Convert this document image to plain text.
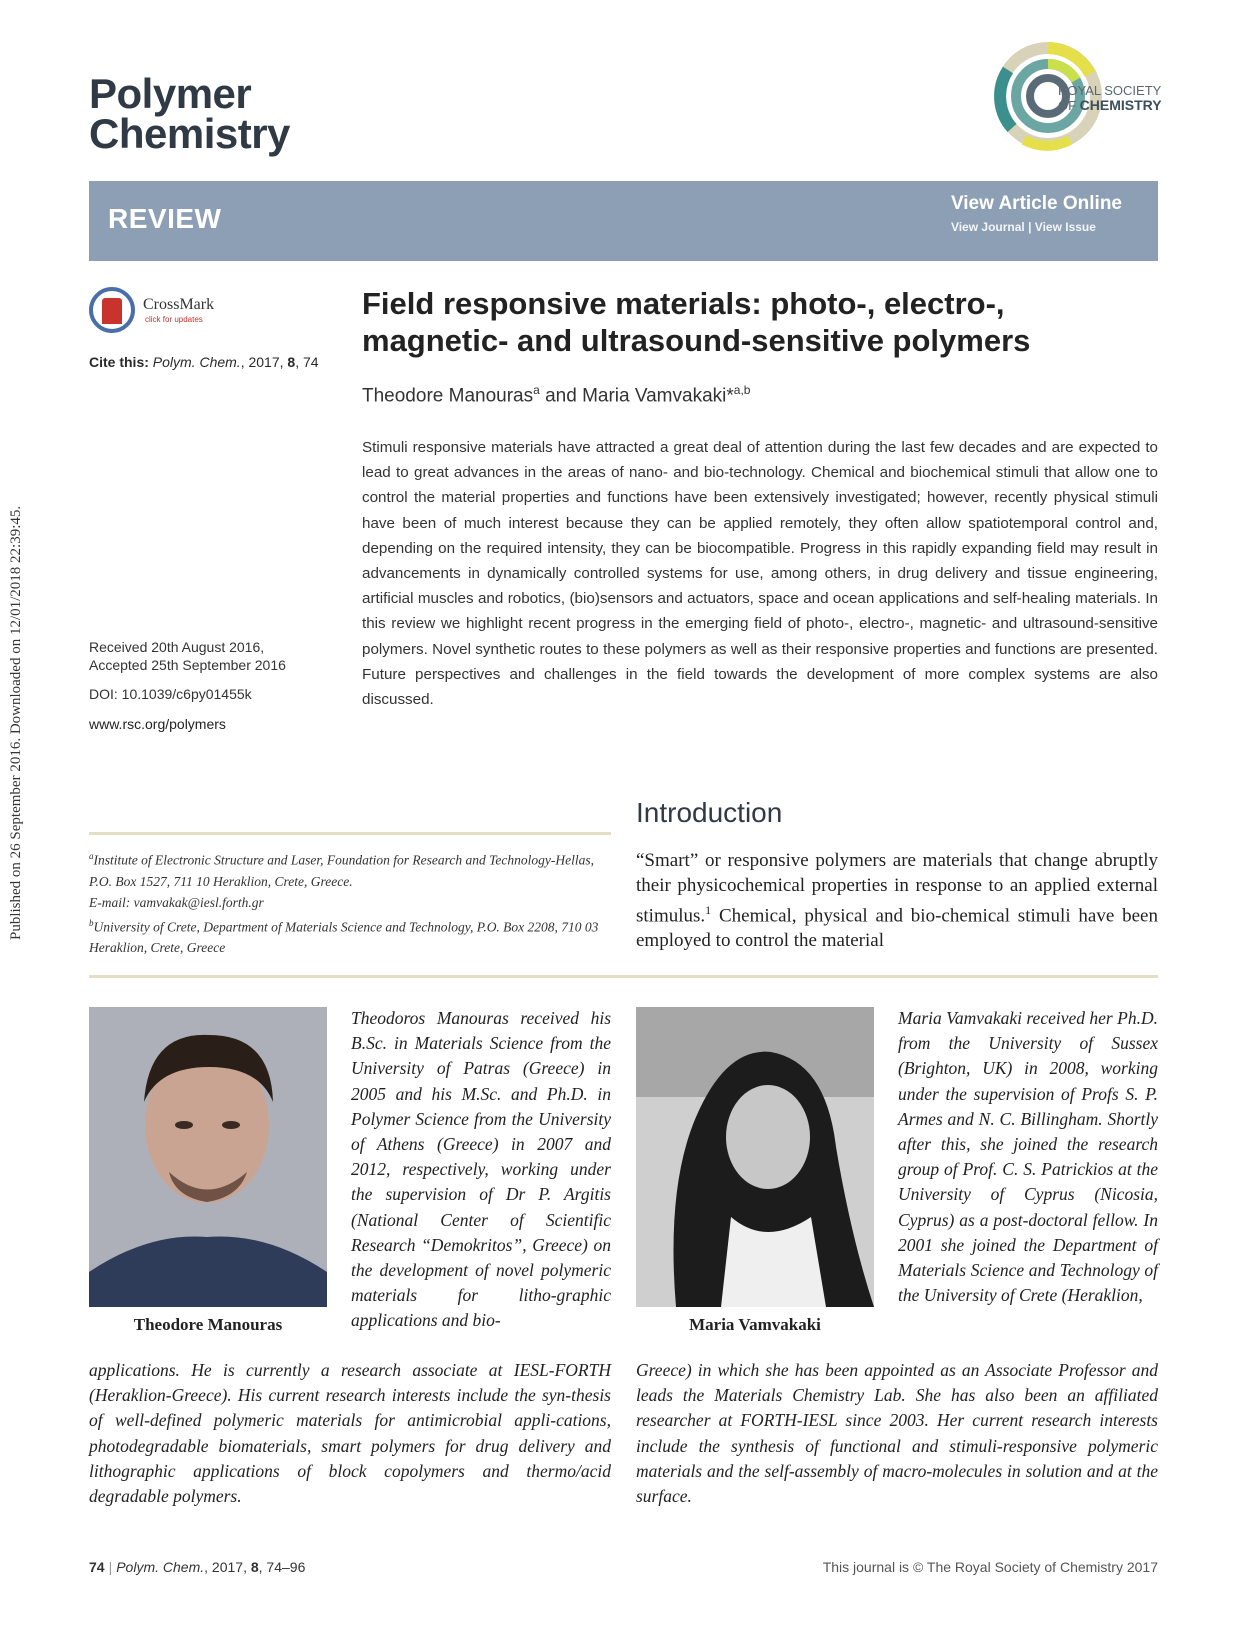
Published on 26 September 2016. Downloaded on 12/01/2018 22:39:45.
Polymer
Chemistry
ROYAL SOCIETY
OF CHEMISTRY
REVIEW	View Article Online
View Journal | View Issue
CrossMark
click for updates
Cite this: Polym. Chem., 2017, 8, 74
Field responsive materials: photo-, electro-, magnetic- and ultrasound-sensitive polymers
Theodore Manouras$^a$ and Maria Vamvakaki*$^{a,b}$
Stimuli responsive materials have attracted a great deal of attention during the last few decades and are expected to lead to great advances in the areas of nano- and bio-technology. Chemical and biochemical stimuli that allow one to control the material properties and functions have been extensively investigated; however, recently physical stimuli have been of much interest because they can be applied remotely, they often allow spatiotemporal control and, depending on the required intensity, they can be biocompatible. Progress in this rapidly expanding field may result in advancements in dynamically controlled systems for use, among others, in drug delivery and tissue engineering, artificial muscles and robotics, (bio)sensors and actuators, space and ocean applications and self-healing materials. In this review we highlight recent progress in the emerging field of photo-, electro-, magnetic- and ultrasound-sensitive polymers. Novel synthetic routes to these polymers as well as their responsive properties and functions are presented. Future perspectives and challenges in the field towards the development of more complex systems are also discussed.
Received 20th August 2016,
Accepted 25th September 2016
DOI: 10.1039/c6py01455k
www.rsc.org/polymers
Introduction
“Smart” or responsive polymers are materials that change abruptly their physicochemical properties in response to an applied external stimulus.$^1$ Chemical, physical and bio-chemical stimuli have been employed to control the material
$^a$Institute of Electronic Structure and Laser, Foundation for Research and Technology-Hellas, P.O. Box 1527, 711 10 Heraklion, Crete, Greece.
E-mail: vamvakak@iesl.forth.gr
$^b$University of Crete, Department of Materials Science and Technology, P.O. Box 2208, 710 03 Heraklion, Crete, Greece
Theodore Manouras
Theodoros Manouras received his B.Sc. in Materials Science from the University of Patras (Greece) in 2005 and his M.Sc. and Ph.D. in Polymer Science from the University of Athens (Greece) in 2007 and 2012, respectively, working under the supervision of Dr P. Argitis (National Center of Scientific Research “Demokritos”, Greece) on the development of novel polymeric materials for litho-graphic applications and bio-
applications. He is currently a research associate at IESL-FORTH (Heraklion-Greece). His current research interests include the syn-thesis of well-defined polymeric materials for antimicrobial appli-cations, photodegradable biomaterials, smart polymers for drug delivery and lithographic applications of block copolymers and thermo/acid degradable polymers.
Maria Vamvakaki
Maria Vamvakaki received her Ph.D. from the University of Sussex (Brighton, UK) in 2008, working under the supervision of Profs S. P. Armes and N. C. Billingham. Shortly after this, she joined the research group of Prof. C. S. Patrickios at the University of Cyprus (Nicosia, Cyprus) as a post-doctoral fellow. In 2001 she joined the Department of Materials Science and Technology of the University of Crete (Heraklion,
Greece) in which she has been appointed as an Associate Professor and leads the Materials Chemistry Lab. She has also been an affiliated researcher at FORTH-IESL since 2003. Her current research interests include the synthesis of functional and stimuli-responsive polymeric materials and the self-assembly of macro-molecules in solution and at the surface.
74 | Polym. Chem., 2017, 8, 74–96	This journal is © The Royal Society of Chemistry 2017
